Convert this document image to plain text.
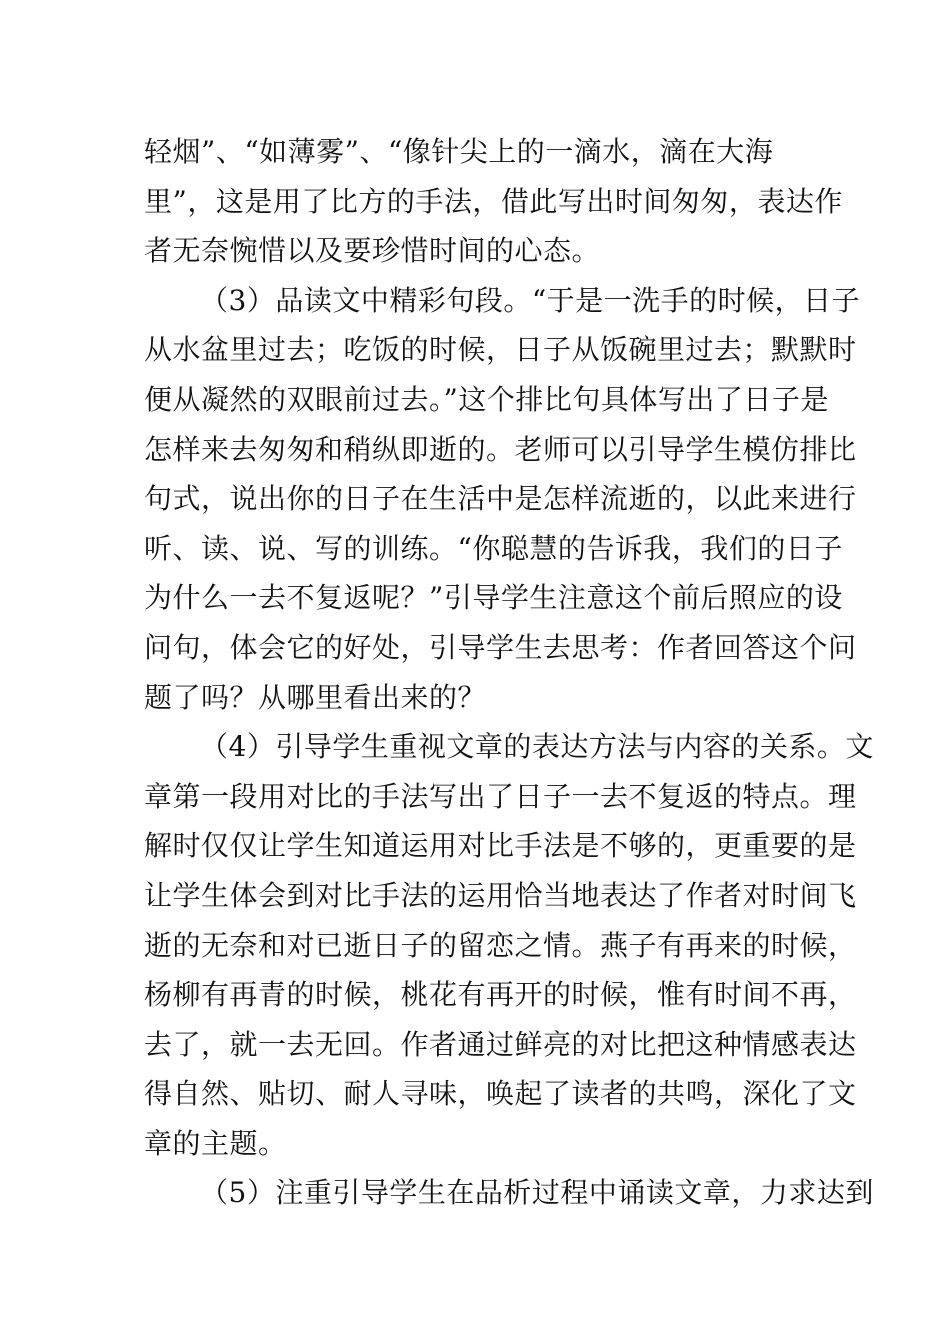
轻烟”、“如薄雾”、“像针尖上的一滴水，滴在大海
里”，这是用了比方的手法，借此写出时间匆匆，表达作
者无奈惋惜以及要珍惜时间的心态。
（3）品读文中精彩句段。“于是一洗手的时候，日子
从水盆里过去；吃饭的时候，日子从饭碗里过去；默默时
便从凝然的双眼前过去。”这个排比句具体写出了日子是
怎样来去匆匆和稍纵即逝的。老师可以引导学生模仿排比
句式，说出你的日子在生活中是怎样流逝的，以此来进行
听、读、说、写的训练。“你聪慧的告诉我，我们的日子
为什么一去不复返呢？”引导学生注意这个前后照应的设
问句，体会它的好处，引导学生去思考：作者回答这个问
题了吗？从哪里看出来的？
（4）引导学生重视文章的表达方法与内容的关系。文
章第一段用对比的手法写出了日子一去不复返的特点。理
解时仅仅让学生知道运用对比手法是不够的，更重要的是
让学生体会到对比手法的运用恰当地表达了作者对时间飞
逝的无奈和对已逝日子的留恋之情。燕子有再来的时候，
杨柳有再青的时候，桃花有再开的时候，惟有时间不再，
去了，就一去无回。作者通过鲜亮的对比把这种情感表达
得自然、贴切、耐人寻味，唤起了读者的共鸣，深化了文
章的主题。
（5）注重引导学生在品析过程中诵读文章，力求达到
